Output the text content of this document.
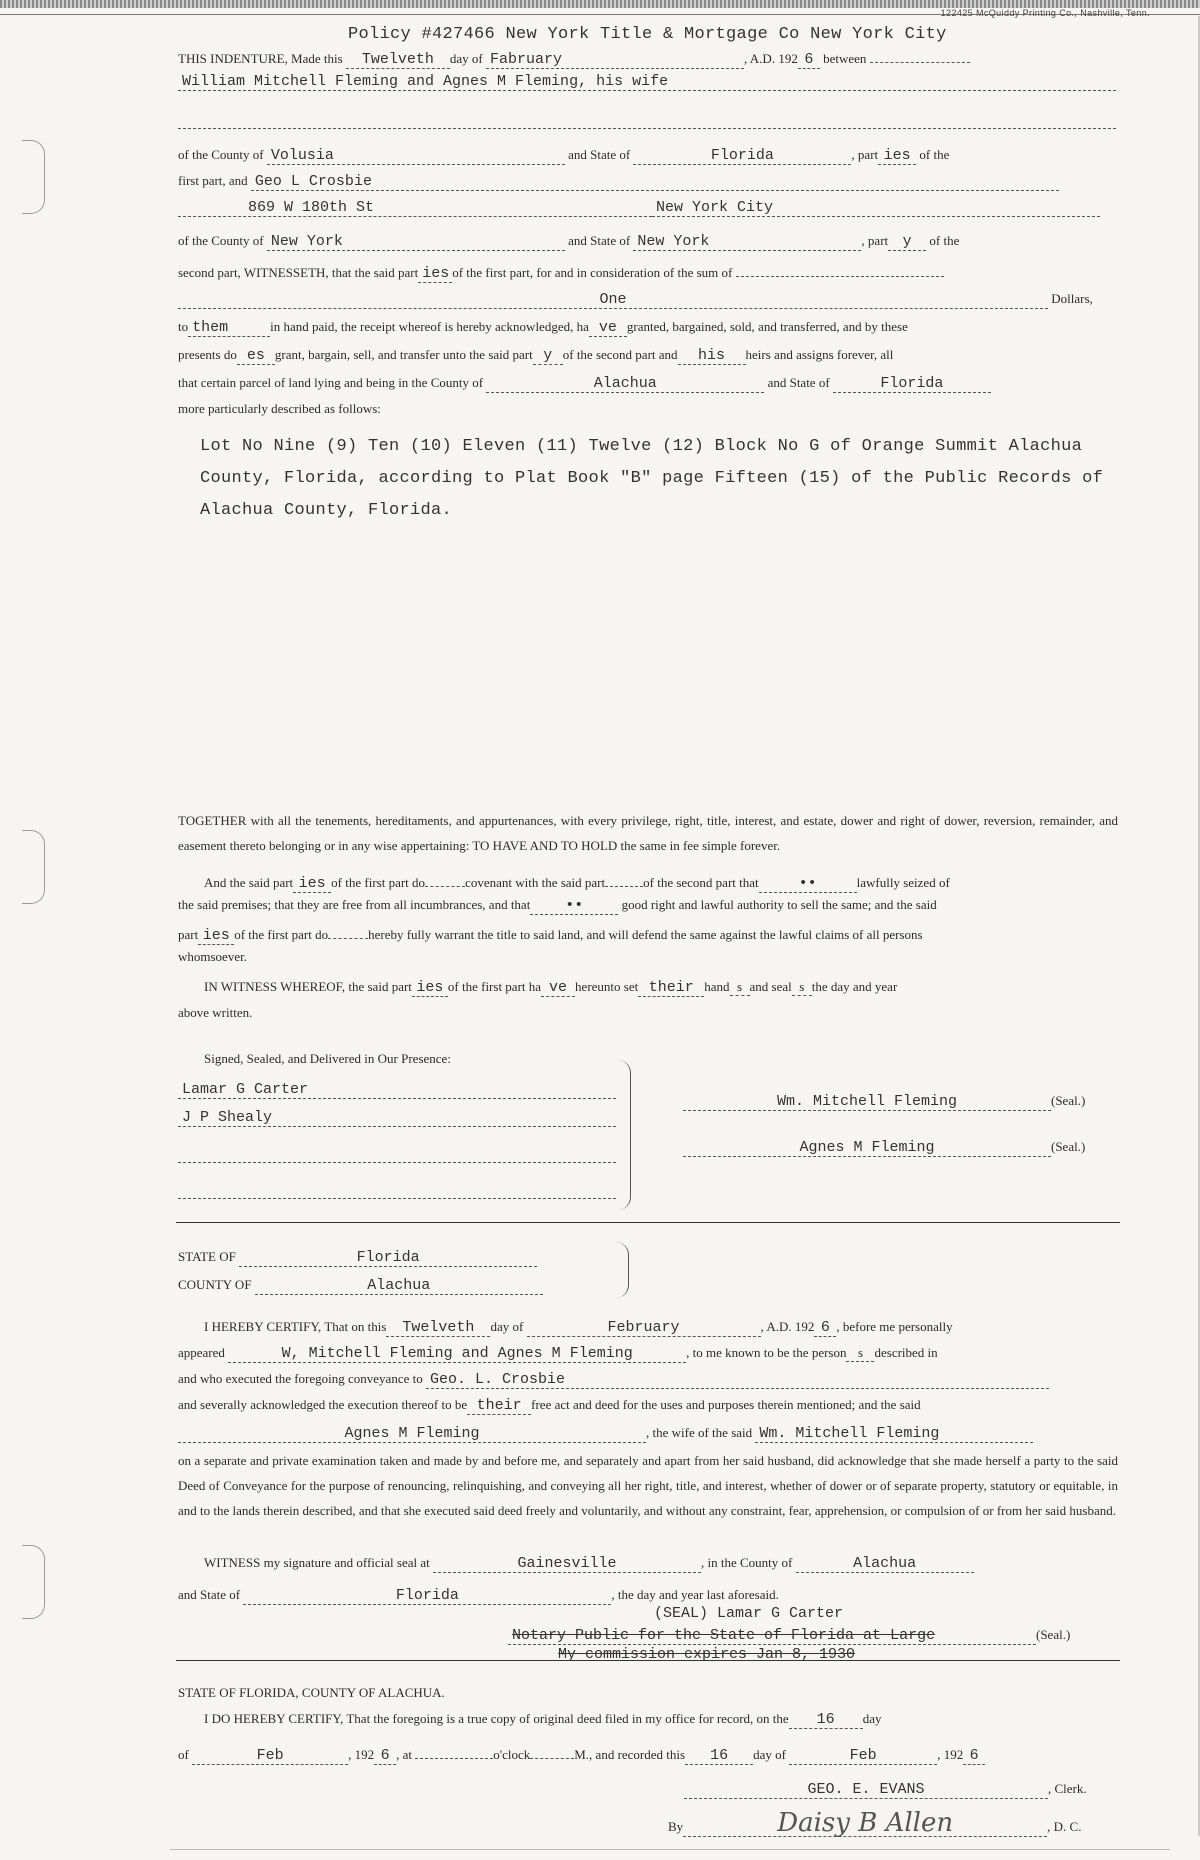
122425 McQuiddy Printing Co., Nashville, Tenn.
Policy #427466 New York Title & Mortgage Co New York City
THIS INDENTURE, Made this Twelveth day of Fabruary	, A.D. 192 6 between
William Mitchell Fleming and Agnes M Fleming, his wife
of the County of Volusia	and State of	Florida	, part ies of the
first part, and Geo L Crosbie
869 W 180th St	New York City
of the County of New York	and State of New York	, part y of the
second part, WITNESSETH, that the said part ies of the first part, for and in consideration of the sum of
One	Dollars,
to them	in hand paid, the receipt whereof is hereby acknowledged, ha ve granted, bargained, sold, and transferred, and by these
presents do es grant, bargain, sell, and transfer unto the said part y of the second part and his heirs and assigns forever, all
that certain parcel of land lying and being in the County of	Alachua	and State of	Florida
more particularly described as follows:
Lot No Nine (9) Ten (10) Eleven (11) Twelve (12) Block No G of Orange Summit Alachua
County, Florida, according to Plat Book "B" page Fifteen (15) of the Public Records of
Alachua County, Florida.
TOGETHER with all the tenements, hereditaments, and appurtenances, with every privilege, right, title, interest, and estate, dower and right of dower, reversion, remainder, and easement thereto belonging or in any wise appertaining: TO HAVE AND TO HOLD the same in fee simple forever.
And the said part ies of the first part do	covenant with the said part	of the second part that	••	lawfully seized of
the said premises; that they are free from all incumbrances, and that ••	good right and lawful authority to sell the same; and the said
part ies of the first part do	hereby fully warrant the title to said land, and will defend the same against the lawful claims of all persons
whomsoever.
IN WITNESS WHEREOF, the said part ies of the first part ha ve hereunto set their hand s and seal s the day and year
above written.
Signed, Sealed, and Delivered in Our Presence:
Lamar G Carter
J P Shealy
Wm. Mitchell Fleming	(Seal.)
Agnes M Fleming	(Seal.)
STATE OF	Florida
COUNTY OF	Alachua
I HEREBY CERTIFY, That on this Twelveth day of	February	, A.D. 192 6 , before me personally
appeared	W, Mitchell Fleming and Agnes M Fleming	, to me known to be the person s described in
and who executed the foregoing conveyance to Geo. L. Crosbie
and severally acknowledged the execution thereof to be their free act and deed for the uses and purposes therein mentioned; and the said
Agnes M Fleming	, the wife of the said Wm. Mitchell Fleming
on a separate and private examination taken and made by and before me, and separately and apart from her said husband, did acknowledge that she made herself a party to the said Deed of Conveyance for the purpose of renouncing, relinquishing, and conveying all her right, title, and interest, whether of dower or of separate property, statutory or equitable, in and to the lands therein described, and that she executed said deed freely and voluntarily, and without any constraint, fear, apprehension, or compulsion of or from her said husband.
WITNESS my signature and official seal at	Gainesville	, in the County of	Alachua
and State of	Florida	, the day and year last aforesaid.
(SEAL) Lamar G Carter
Notary Public for the State of Florida at Large	(Seal.)
My commission expires Jan 8, 1930
STATE OF FLORIDA, COUNTY OF ALACHUA.
I DO HEREBY CERTIFY, That the foregoing is a true copy of original deed filed in my office for record, on the 16 day
of	Feb	, 192 6 , at	o'clock	M., and recorded this 16 day of	Feb	, 192 6
GEO. E. EVANS	, Clerk.
By	Daisy B Allen	, D. C.
